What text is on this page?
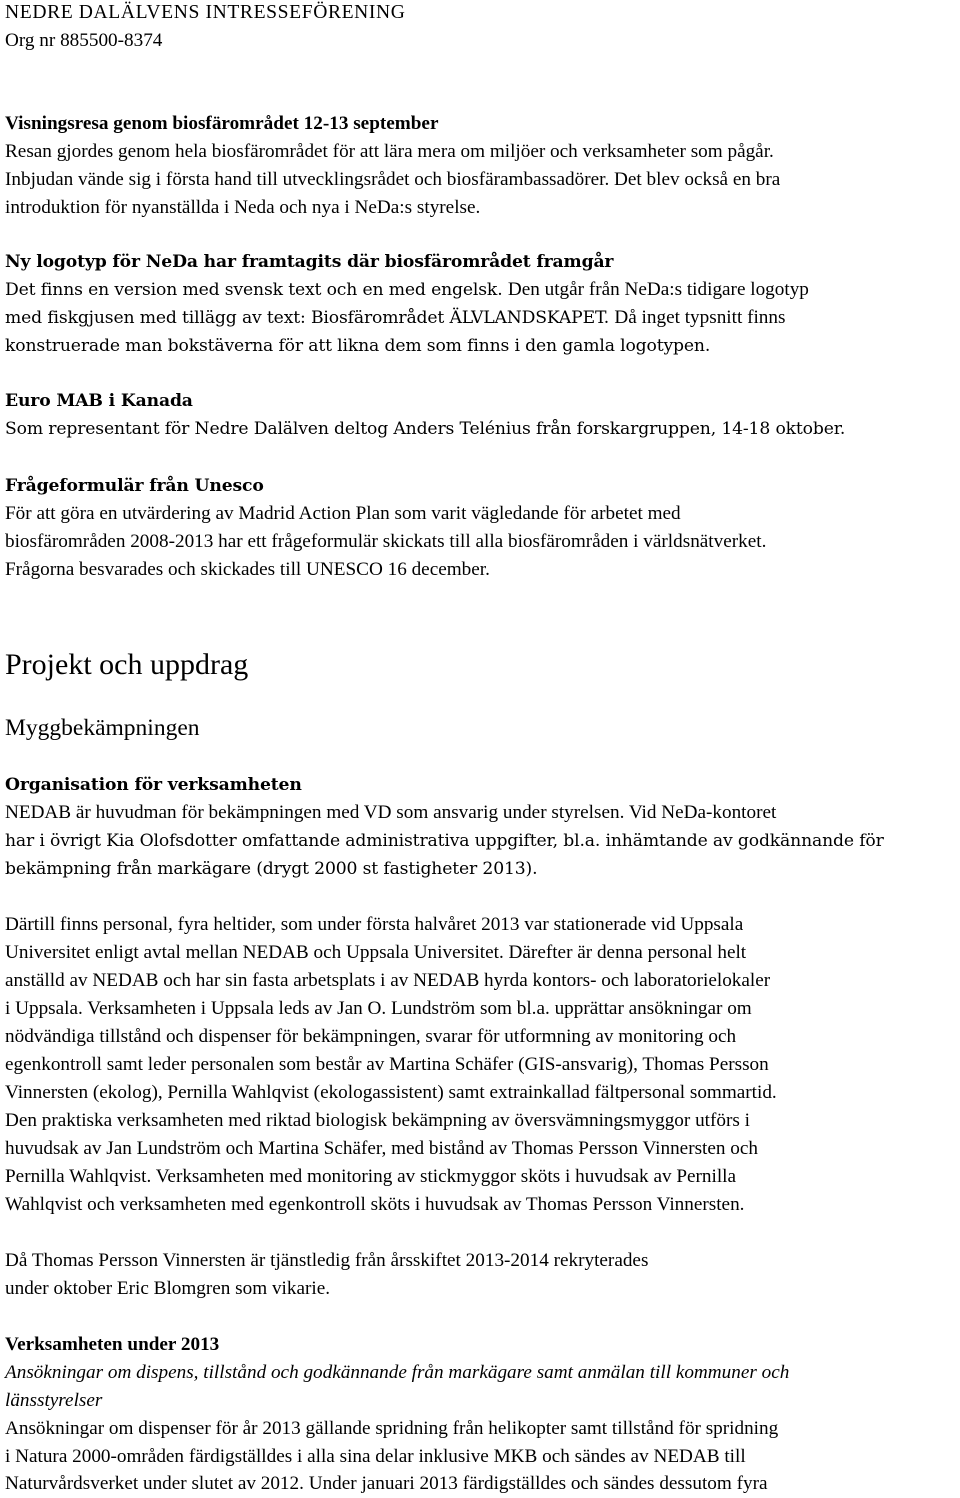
NEDRE DALÄLVENS INTRESSEFÖRENING
Org nr 885500-8374
Visningsresa genom biosfärområdet 12-13 september
Resan gjordes genom hela biosfärområdet för att lära mera om miljöer och verksamheter som pågår.
Inbjudan vände sig i första hand till utvecklingsrådet och biosfärambassadörer. Det blev också en bra
introduktion för nyanställda i Neda och nya i NeDa:s styrelse.
Ny logotyp för NeDa har framtagits där biosfärområdet framgår
Det finns en version med svensk text och en med engelsk. Den utgår från NeDa:s tidigare logotyp
med fiskgjusen med tillägg av text: Biosfärområdet ÄLVLANDSKAPET. Då inget typsnitt finns
konstruerade man bokstäverna för att likna dem som finns i den gamla logotypen.
Euro MAB i Kanada
Som representant för Nedre Dalälven deltog Anders Telénius från forskargruppen, 14-18 oktober.
Frågeformulär från Unesco
För att göra en utvärdering av Madrid Action Plan som varit vägledande för arbetet med
biosfärområden 2008-2013 har ett frågeformulär skickats till alla biosfärområden i världsnätverket.
Frågorna besvarades och skickades till UNESCO 16 december.
Projekt och uppdrag
Myggbekämpningen
Organisation för verksamheten
NEDAB är huvudman för bekämpningen med VD som ansvarig under styrelsen. Vid NeDa-kontoret
har i övrigt Kia Olofsdotter omfattande administrativa uppgifter, bl.a. inhämtande av godkännande för
bekämpning från markägare (drygt 2000 st fastigheter 2013).
Därtill finns personal, fyra heltider, som under första halvåret 2013 var stationerade vid Uppsala
Universitet enligt avtal mellan NEDAB och Uppsala Universitet. Därefter är denna personal helt
anställd av NEDAB och har sin fasta arbetsplats i av NEDAB hyrda kontors- och laboratorielokaler
i Uppsala. Verksamheten i Uppsala leds av Jan O. Lundström som bl.a. upprättar ansökningar om
nödvändiga tillstånd och dispenser för bekämpningen, svarar för utformning av monitoring och
egenkontroll samt leder personalen som består av Martina Schäfer (GIS-ansvarig), Thomas Persson
Vinnersten (ekolog), Pernilla Wahlqvist (ekologassistent) samt extrainkallad fältpersonal sommartid.
Den praktiska verksamheten med riktad biologisk bekämpning av översvämningsmyggor utförs i
huvudsak av Jan Lundström och Martina Schäfer, med bistånd av Thomas Persson Vinnersten och
Pernilla Wahlqvist. Verksamheten med monitoring av stickmyggor sköts i huvudsak av Pernilla
Wahlqvist och verksamheten med egenkontroll sköts i huvudsak av Thomas Persson Vinnersten.
Då Thomas Persson Vinnersten är tjänstledig från årsskiftet 2013-2014 rekryterades
under oktober Eric Blomgren som vikarie.
Verksamheten under 2013
Ansökningar om dispens, tillstånd och godkännande från markägare samt anmälan till kommuner och
länsstyrelser
Ansökningar om dispenser för år 2013 gällande spridning från helikopter samt tillstånd för spridning
i Natura 2000-områden färdigställdes i alla sina delar inklusive MKB och sändes av NEDAB till
Naturvårdsverket under slutet av 2012. Under januari 2013 färdigställdes och sändes dessutom fyra
